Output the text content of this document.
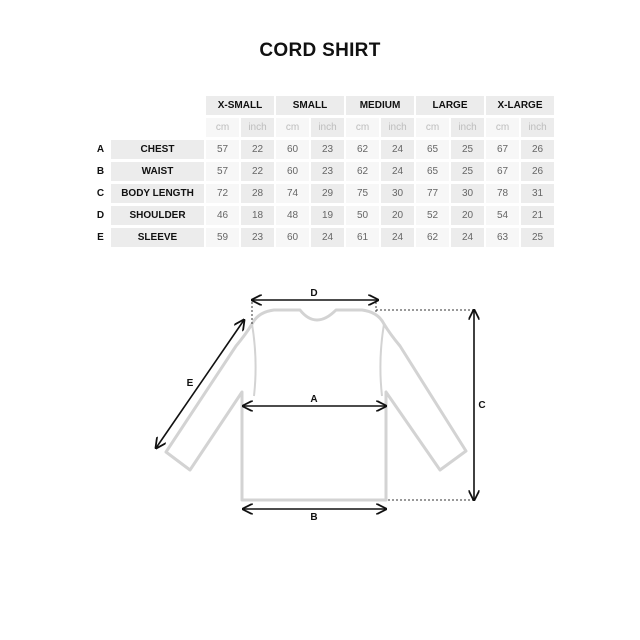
CORD SHIRT
		X-SMALL		SMALL		MEDIUM		LARGE		X-LARGE	
		cm	inch	cm	inch	cm	inch	cm	inch	cm	inch
A	CHEST	57	22	60	23	62	24	65	25	67	26
B	WAIST	57	22	60	23	62	24	65	25	67	26
C	BODY LENGTH	72	28	74	29	75	30	77	30	78	31
D	SHOULDER	46	18	48	19	50	20	52	20	54	21
E	SLEEVE	59	23	60	24	61	24	62	24	63	25
D
A
B
C
E
